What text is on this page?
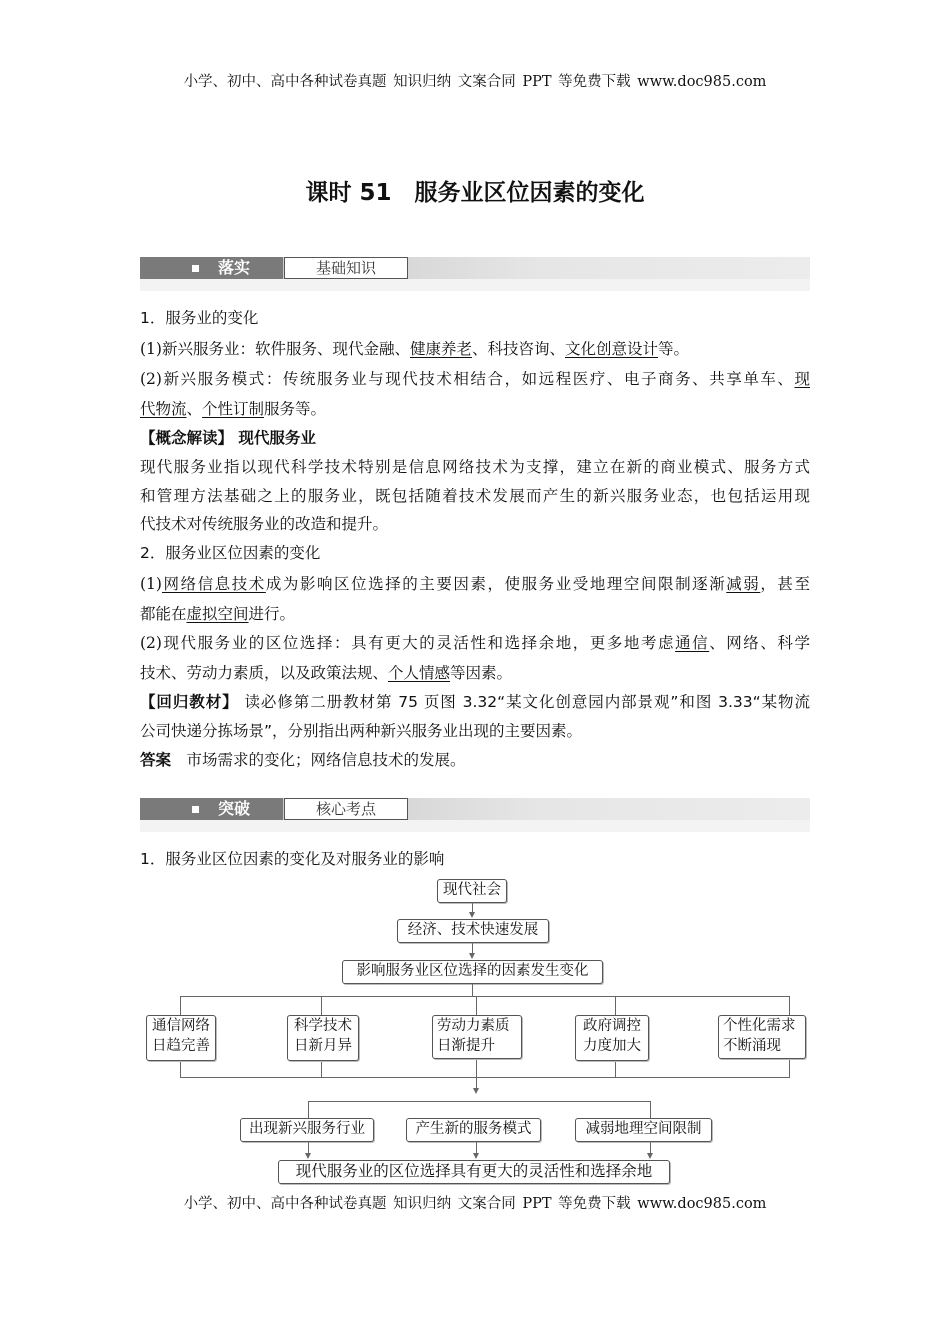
小学、初中、高中各种试卷真题 知识归纳 文案合同 PPT 等免费下载 www.doc985.com
课时 51　服务业区位因素的变化
落实	基础知识
1．服务业的变化
(1)新兴服务业：软件服务、现代金融、健康养老、科技咨询、文化创意设计等。
(2)新兴服务模式：传统服务业与现代技术相结合，如远程医疗、电子商务、共享单车、现
代物流、个性订制服务等。
【概念解读】 现代服务业
现代服务业指以现代科学技术特别是信息网络技术为支撑，建立在新的商业模式、服务方式
和管理方法基础之上的服务业，既包括随着技术发展而产生的新兴服务业态，也包括运用现
代技术对传统服务业的改造和提升。
2．服务业区位因素的变化
(1)网络信息技术成为影响区位选择的主要因素，使服务业受地理空间限制逐渐减弱，甚至
都能在虚拟空间进行。
(2)现代服务业的区位选择：具有更大的灵活性和选择余地，更多地考虑通信、网络、科学
技术、劳动力素质，以及政策法规、个人情感等因素。
【回归教材】 读必修第二册教材第 75 页图 3.32“某文化创意园内部景观”和图 3.33“某物流
公司快递分拣场景”，分别指出两种新兴服务业出现的主要因素。
答案　市场需求的变化；网络信息技术的发展。
突破	核心考点
1．服务业区位因素的变化及对服务业的影响
现代社会
经济、技术快速发展
影响服务业区位选择的因素发生变化
通信网络
日趋完善
科学技术
日新月异
劳动力素质
日渐提升
政府调控
力度加大
个性化需求
不断涌现
出现新兴服务行业	产生新的服务模式	减弱地理空间限制
现代服务业的区位选择具有更大的灵活性和选择余地
小学、初中、高中各种试卷真题 知识归纳 文案合同 PPT 等免费下载 www.doc985.com
